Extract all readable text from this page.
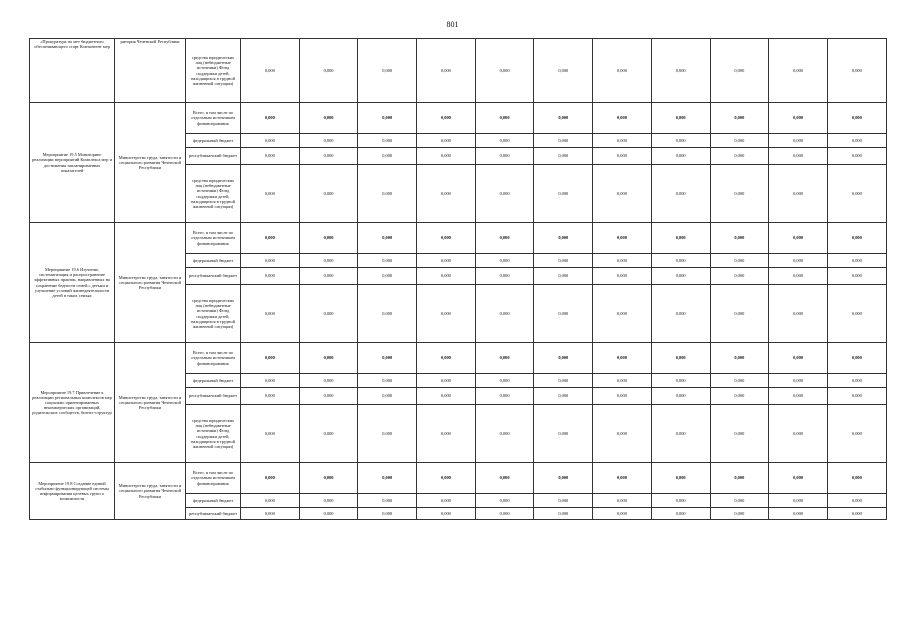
801
«Прокуратура по мет бюджетного обеспечивающего старт Контингент мер	ритория Чеченской Республики	средства юридических лиц (небюджетные источники) Фонд поддержки детей, находящихся в трудной жизненной ситуации)	0,000	0,000	0,000	0,000	0,000	0,000	0,000	0,000	0,000	0,000	0,000
Мероприятие 19.5 Мониторинг реализации мероприятий Комплекса мер и достижения запланированных показателей	Министерство труда, занятости и социального развития Чеченской Республики	Всего, в том числе по отдельным источникам финансирования	0,000	0,000	0,000	0,000	0,000	0,000	0,000	0,000	0,000	0,000	0,000
		федеральный бюджет	0,000	0,000	0,000	0,000	0,000	0,000	0,000	0,000	0,000	0,000	0,000
		республиканский бюджет	0,000	0,000	0,000	0,000	0,000	0,000	0,000	0,000	0,000	0,000	0,000
		средства юридических лиц (небюджетные источники) Фонд поддержки детей, находящихся в трудной жизненной ситуации)	0,000	0,000	0,000	0,000	0,000	0,000	0,000	0,000	0,000	0,000	0,000
Мероприятие 19.6 Изучение, систематизация и распространение эффективных практик, направленных на сохранение бедности семей с детьми и улучшение условий жизнедеятельности детей в таких семьях	Министерство труда, занятости и социального развития Чеченской Республики	Всего, в том числе по отдельным источникам финансирования	0,000	0,000	0,000	0,000	0,000	0,000	0,000	0,000	0,000	0,000	0,000
		федеральный бюджет	0,000	0,000	0,000	0,000	0,000	0,000	0,000	0,000	0,000	0,000	0,000
		республиканский бюджет	0,000	0,000	0,000	0,000	0,000	0,000	0,000	0,000	0,000	0,000	0,000
		средства юридических лиц (небюджетные источники) Фонд поддержки детей, находящихся в трудной жизненной ситуации)	0,000	0,000	0,000	0,000	0,000	0,000	0,000	0,000	0,000	0,000	0,000
Мероприятие 19.7 Привлечение к реализации региональных комплексов мер социально ориентированных некоммерческих организаций, родительских сообществ, бизнес-структур	Министерство труда, занятости и социального развития Чеченской Республики	Всего, в том числе по отдельным источникам финансирования	0,000	0,000	0,000	0,000	0,000	0,000	0,000	0,000	0,000	0,000	0,000
		федеральный бюджет	0,000	0,000	0,000	0,000	0,000	0,000	0,000	0,000	0,000	0,000	0,000
		республиканский бюджет	0,000	0,000	0,000	0,000	0,000	0,000	0,000	0,000	0,000	0,000	0,000
		средства юридических лиц (небюджетные источники) Фонд поддержки детей, находящихся в трудной жизненной ситуации)	0,000	0,000	0,000	0,000	0,000	0,000	0,000	0,000	0,000	0,000	0,000
Мероприятие 19.8 Создание единой стабильно функционирующей системы информирования целевых групп о возможности	Министерство труда, занятости и социального развития Чеченской Республики	Всего, в том числе по отдельным источникам финансирования	0,000	0,000	0,000	0,000	0,000	0,000	0,000	0,000	0,000	0,000	0,000
		федеральный бюджет	0,000	0,000	0,000	0,000	0,000	0,000	0,000	0,000	0,000	0,000	0,000
		республиканский бюджет	0,000	0,000	0,000	0,000	0,000	0,000	0,000	0,000	0,000	0,000	0,000
